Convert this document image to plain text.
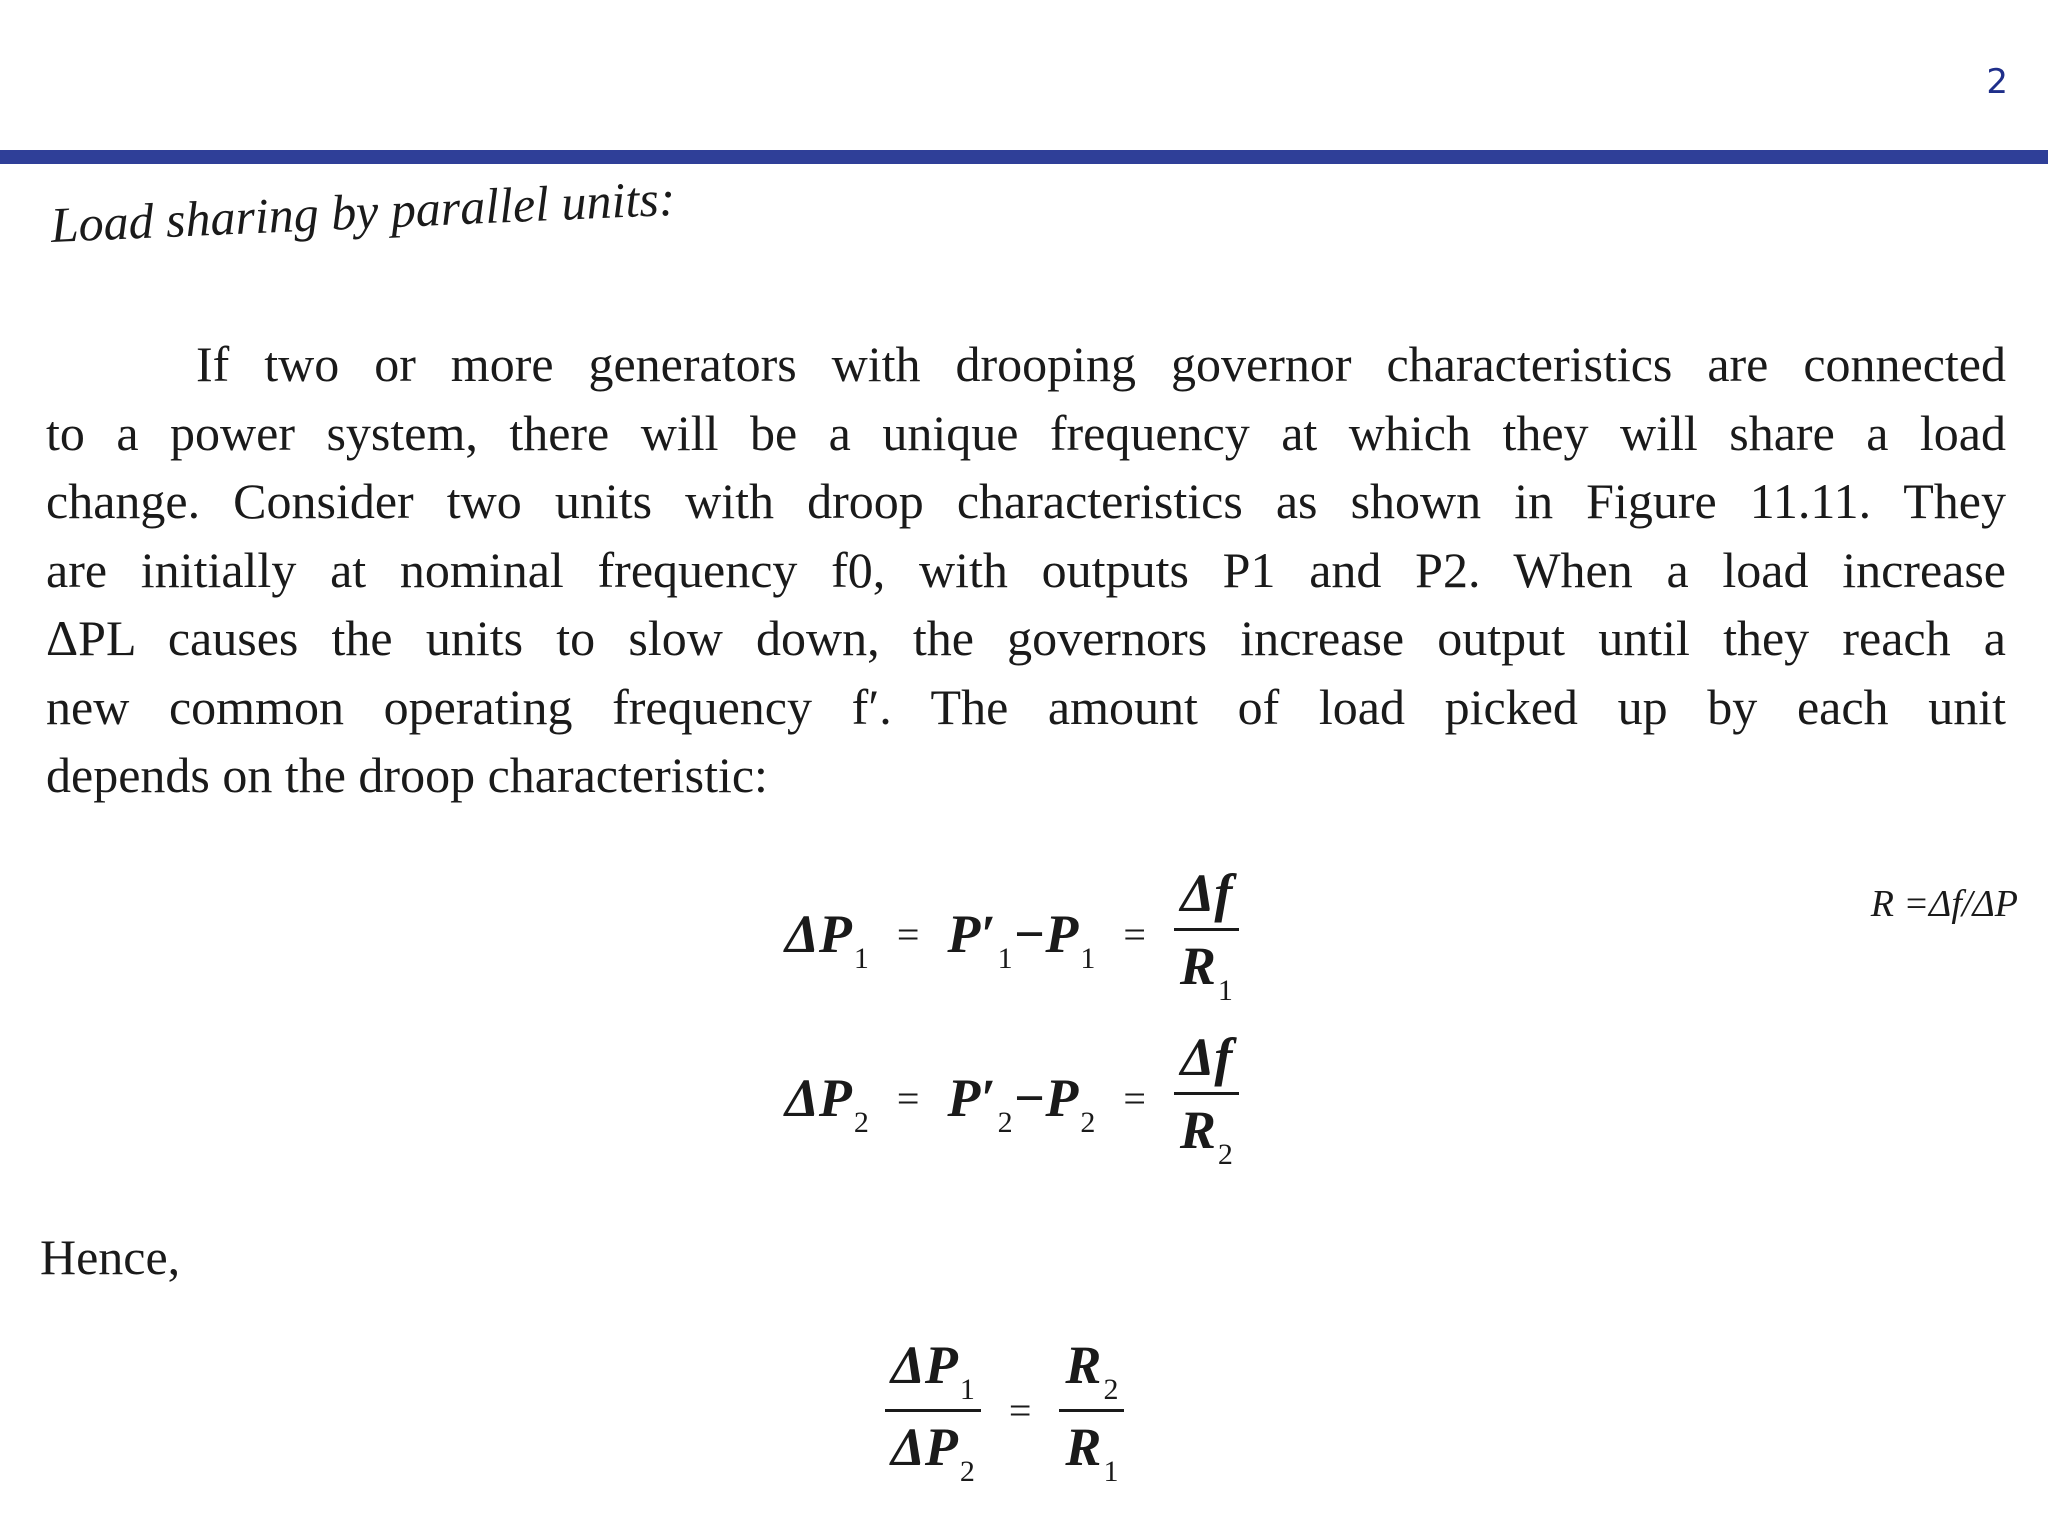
2
Load sharing by parallel units:
If two or more generators with drooping governor characteristics are connected
to a power system, there will be a unique frequency at which they will share a load
change. Consider two units with droop characteristics as shown in Figure 11.11. They
are initially at nominal frequency f0, with outputs P1 and P2. When a load increase
ΔPL causes the units to slow down, the governors increase output until they reach a
new common operating frequency f′. The amount of load picked up by each unit
depends on the droop characteristic:
$\Delta P_1$
= $P'_1-P_1$
= $\frac{\Delta f}{R_1}$
$\Delta P_2$
= $P'_2-P_2$
= $\frac{\Delta f}{R_2}$
R =Δf/ΔP
Hence,
$\frac{\Delta P_1}{\Delta P_2} = \frac{R_2}{R_1}$
